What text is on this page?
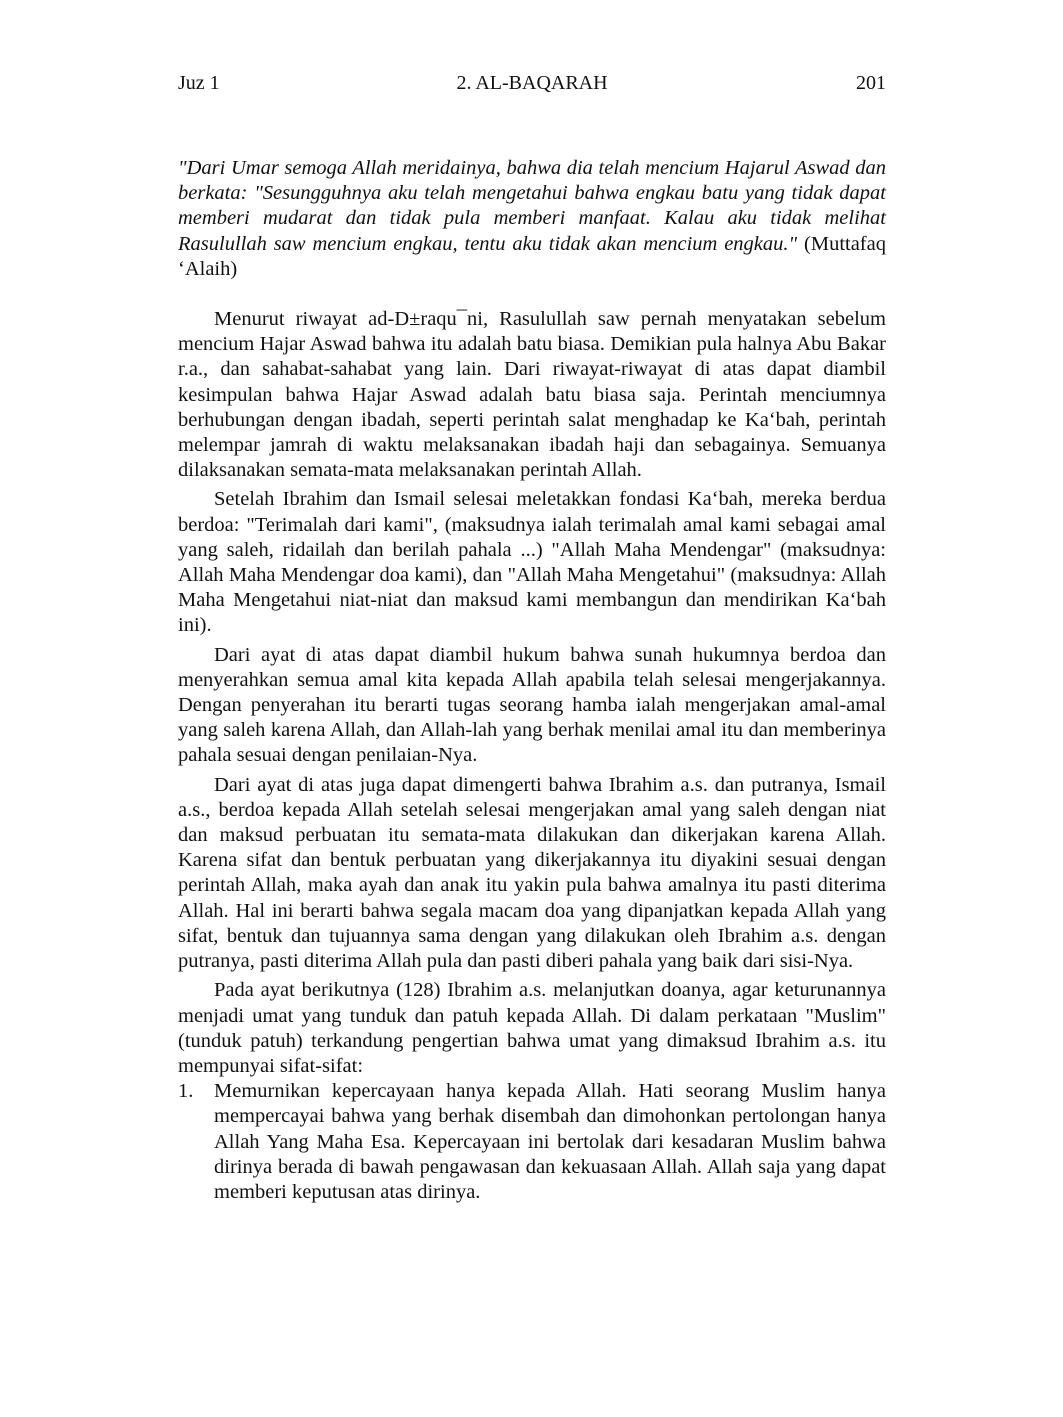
Juz 1	2. AL-BAQARAH	201

"Dari Umar semoga Allah meridainya, bahwa dia telah mencium Hajarul Aswad dan berkata: "Sesungguhnya aku telah mengetahui bahwa engkau batu yang tidak dapat memberi mudarat dan tidak pula memberi manfaat. Kalau aku tidak melihat Rasulullah saw mencium engkau, tentu aku tidak akan mencium engkau." (Muttafaq ‘Alaih)

Menurut riwayat ad-D±raqu¯ni, Rasulullah saw pernah menyatakan sebelum mencium Hajar Aswad bahwa itu adalah batu biasa. Demikian pula halnya Abu Bakar r.a., dan sahabat-sahabat yang lain. Dari riwayat-riwayat di atas dapat diambil kesimpulan bahwa Hajar Aswad adalah batu biasa saja. Perintah menciumnya berhubungan dengan ibadah, seperti perintah salat menghadap ke Ka‘bah, perintah melempar jamrah di waktu melaksanakan ibadah haji dan sebagainya. Semuanya dilaksanakan semata-mata melaksanakan perintah Allah.

Setelah Ibrahim dan Ismail selesai meletakkan fondasi Ka‘bah, mereka berdua berdoa: "Terimalah dari kami", (maksudnya ialah terimalah amal kami sebagai amal yang saleh, ridailah dan berilah pahala ...) "Allah Maha Mendengar" (maksudnya: Allah Maha Mendengar doa kami), dan "Allah Maha Mengetahui" (maksudnya: Allah Maha Mengetahui niat-niat dan maksud kami membangun dan mendirikan Ka‘bah ini).

Dari ayat di atas dapat diambil hukum bahwa sunah hukumnya berdoa dan menyerahkan semua amal kita kepada Allah apabila telah selesai mengerjakannya. Dengan penyerahan itu berarti tugas seorang hamba ialah mengerjakan amal-amal yang saleh karena Allah, dan Allah-lah yang berhak menilai amal itu dan memberinya pahala sesuai dengan penilaian-Nya.

Dari ayat di atas juga dapat dimengerti bahwa Ibrahim a.s. dan putranya, Ismail a.s., berdoa kepada Allah setelah selesai mengerjakan amal yang saleh dengan niat dan maksud perbuatan itu semata-mata dilakukan dan dikerjakan karena Allah. Karena sifat dan bentuk perbuatan yang dikerjakannya itu diyakini sesuai dengan perintah Allah, maka ayah dan anak itu yakin pula bahwa amalnya itu pasti diterima Allah. Hal ini berarti bahwa segala macam doa yang dipanjatkan kepada Allah yang sifat, bentuk dan tujuannya sama dengan yang dilakukan oleh Ibrahim a.s. dengan putranya, pasti diterima Allah pula dan pasti diberi pahala yang baik dari sisi-Nya.

Pada ayat berikutnya (128) Ibrahim a.s. melanjutkan doanya, agar keturunannya menjadi umat yang tunduk dan patuh kepada Allah. Di dalam perkataan "Muslim" (tunduk patuh) terkandung pengertian bahwa umat yang dimaksud Ibrahim a.s. itu mempunyai sifat-sifat:

1. Memurnikan kepercayaan hanya kepada Allah. Hati seorang Muslim hanya mempercayai bahwa yang berhak disembah dan dimohonkan pertolongan hanya Allah Yang Maha Esa. Kepercayaan ini bertolak dari kesadaran Muslim bahwa dirinya berada di bawah pengawasan dan kekuasaan Allah. Allah saja yang dapat memberi keputusan atas dirinya.
